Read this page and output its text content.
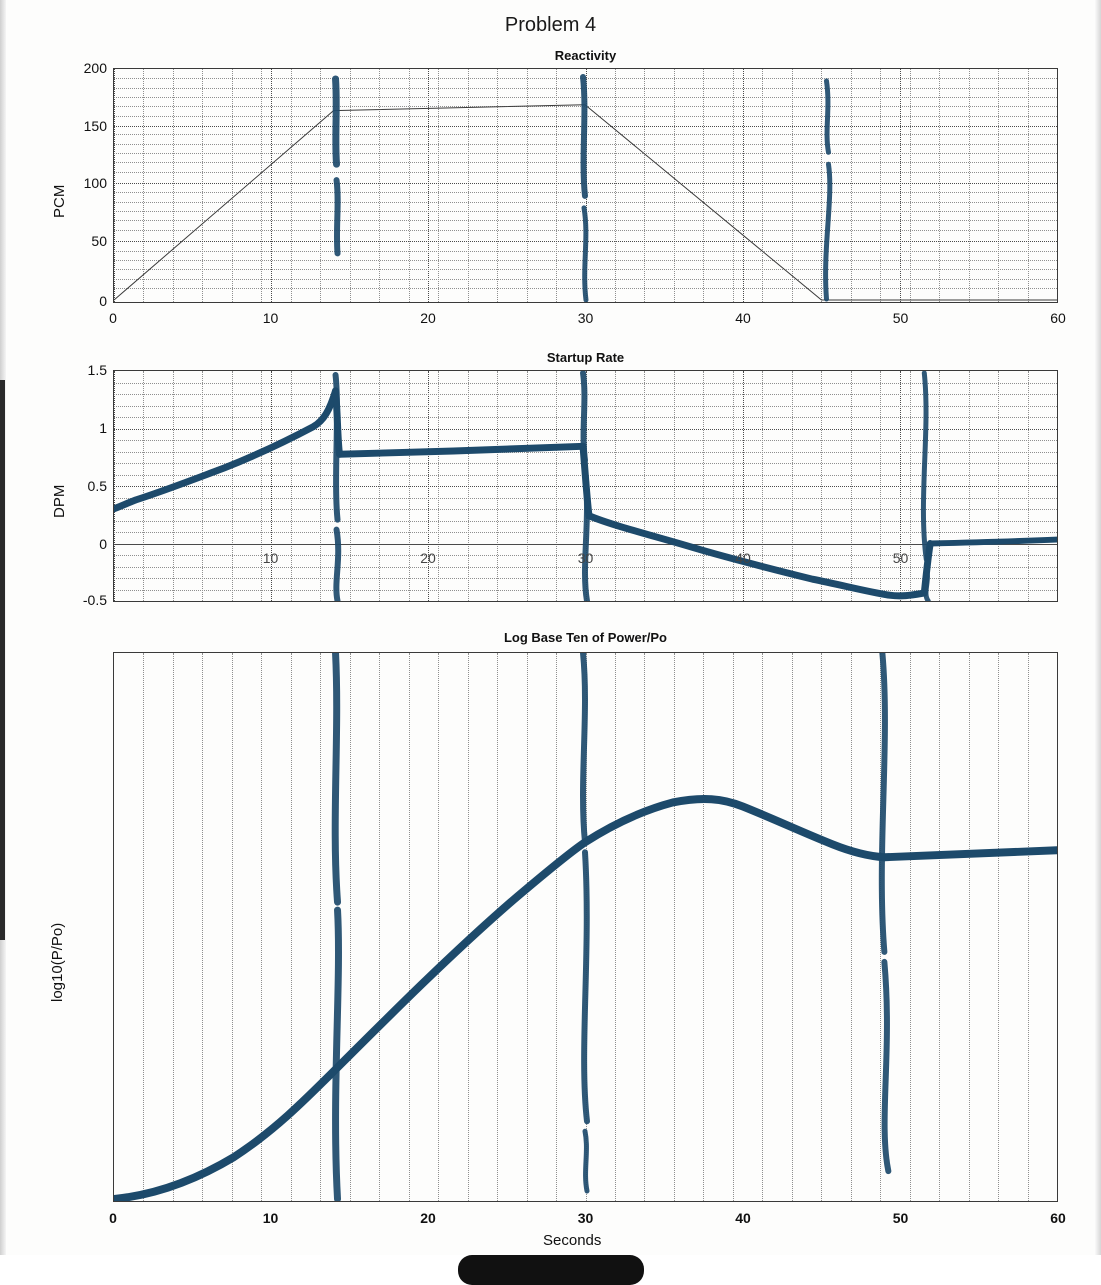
Problem 4
Reactivity
PCM
200
150
100
50
0
0	10	20	30	40	50	60
Startup Rate
DPM
1.5
1
0.5
0
-0.5
10	20	30	40	50
Log Base Ten of Power/Po
log10(P/Po)
0	10	20	30	40	50	60
Seconds
